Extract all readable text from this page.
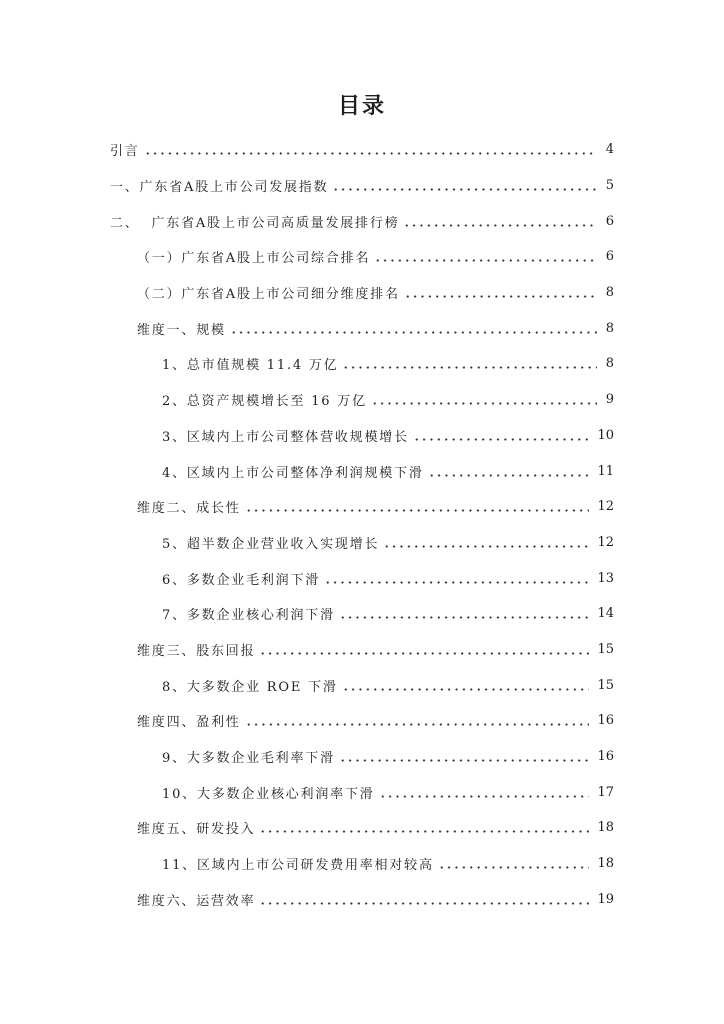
目录
引言	4
一、广东省A股上市公司发展指数	5
二、  广东省A股上市公司高质量发展排行榜	6
（一）广东省A股上市公司综合排名	6
（二）广东省A股上市公司细分维度排名	8
维度一、规模	8
1、总市值规模 11.4 万亿	8
2、总资产规模增长至 16 万亿	9
3、区域内上市公司整体营收规模增长	10
4、区域内上市公司整体净利润规模下滑	11
维度二、成长性	12
5、超半数企业营业收入实现增长	12
6、多数企业毛利润下滑	13
7、多数企业核心利润下滑	14
维度三、股东回报	15
8、大多数企业 ROE 下滑	15
维度四、盈利性	16
9、大多数企业毛利率下滑	16
10、大多数企业核心利润率下滑	17
维度五、研发投入	18
11、区域内上市公司研发费用率相对较高	18
维度六、运营效率	19
